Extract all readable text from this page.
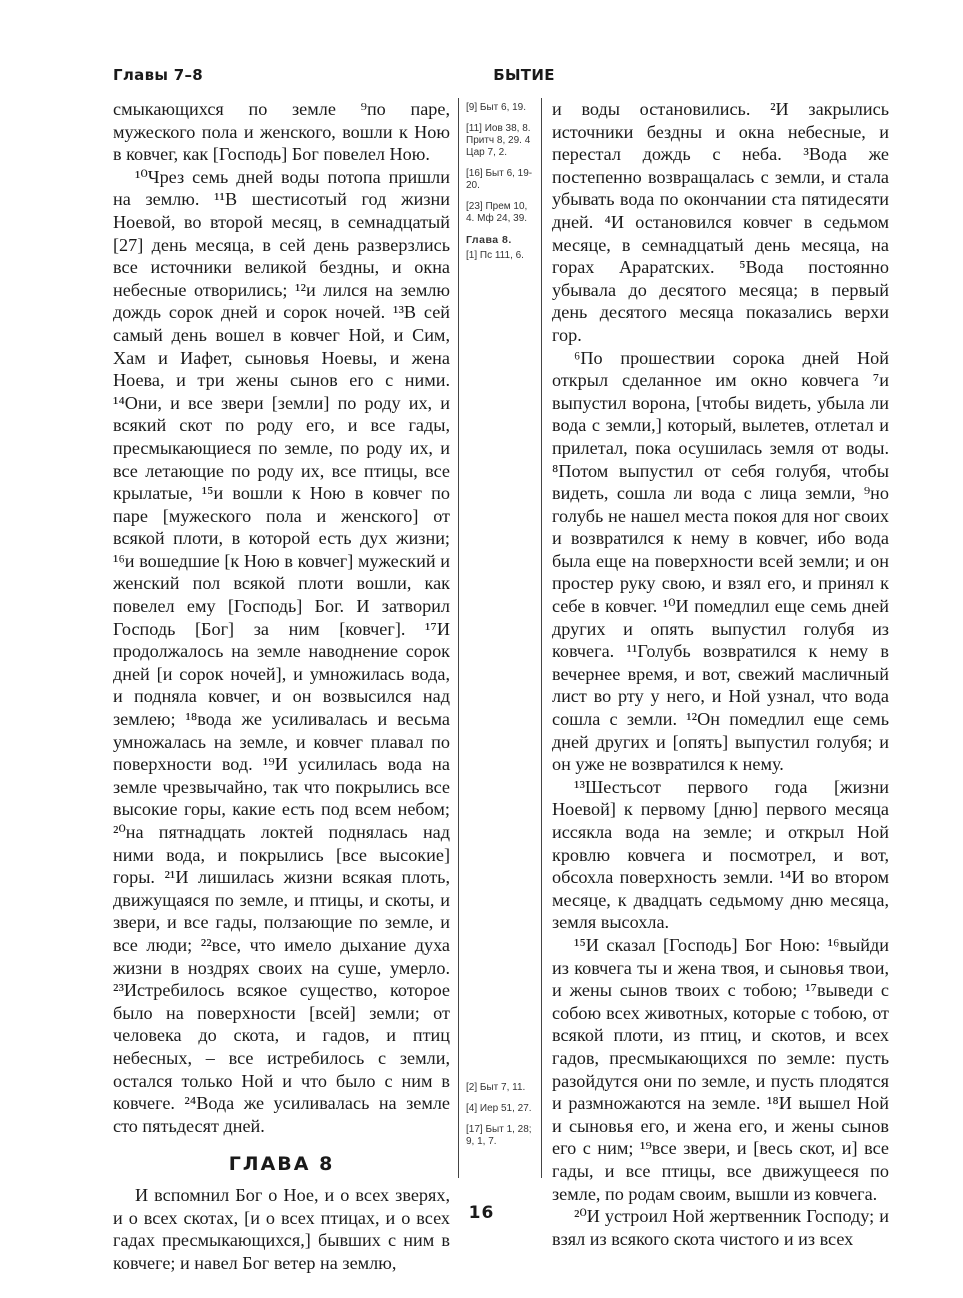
Главы 7–8	БЫТИЕ

смыкающихся по земле ⁹по паре, мужеского пола и женского, вошли к Ною в ковчег, как [Господь] Бог повелел Ною.

¹⁰Чрез семь дней воды потопа пришли на землю. ¹¹В шестисотый год жизни Ноевой, во второй месяц, в семнадцатый [27] день месяца, в сей день разверзлись все источники великой бездны, и окна небесные отворились; ¹²и лился на землю дождь сорок дней и сорок ночей. ¹³В сей самый день вошел в ковчег Ной, и Сим, Хам и Иафет, сыновья Ноевы, и жена Ноева, и три жены сынов его с ними. ¹⁴Они, и все звери [земли] по роду их, и всякий скот по роду его, и все гады, пресмыкающиеся по земле, по роду их, и все летающие по роду их, все птицы, все крылатые, ¹⁵и вошли к Ною в ковчег по паре [мужеского пола и женского] от всякой плоти, в которой есть дух жизни; ¹⁶и вошедшие [к Ною в ковчег] мужеский и женский пол всякой плоти вошли, как повелел ему [Господь] Бог. И затворил Господь [Бог] за ним [ковчег]. ¹⁷И продолжалось на земле наводнение сорок дней [и сорок ночей], и умножилась вода, и подняла ковчег, и он возвысился над землею; ¹⁸вода же усиливалась и весьма умножалась на земле, и ковчег плавал по поверхности вод. ¹⁹И усилилась вода на земле чрезвычайно, так что покрылись все высокие горы, какие есть под всем небом; ²⁰на пятнадцать локтей поднялась над ними вода, и покрылись [все высокие] горы. ²¹И лишилась жизни всякая плоть, движущаяся по земле, и птицы, и скоты, и звери, и все гады, ползающие по земле, и все люди; ²²все, что имело дыхание духа жизни в ноздрях своих на суше, умерло. ²³Истребилось всякое существо, которое было на поверхности [всей] земли; от человека до скота, и гадов, и птиц небесных, – все истребилось с земли, остался только Ной и что было с ним в ковчеге. ²⁴Вода же усиливалась на земле сто пятьдесят дней.

ГЛАВА 8

И вспомнил Бог о Ное, и о всех зверях, и о всех скотах, [и о всех птицах, и о всех гадах пресмыкающихся,] бывших с ним в ковчеге; и навел Бог ветер на землю,

[9] Быт 6, 19.
[11] Иов 38, 8. Притч 8, 29. 4 Цар 7, 2.
[16] Быт 6, 19-20.
[23] Прем 10, 4. Мф 24, 39.
Глава 8.
[1] Пс 111, 6.
[2] Быт 7, 11.
[4] Иер 51, 27.
[17] Быт 1, 28; 9, 1, 7.

и воды остановились. ²И закрылись источники бездны и окна небесные, и перестал дождь с неба. ³Вода же постепенно возвращалась с земли, и стала убывать вода по окончании ста пятидесяти дней. ⁴И остановился ковчег в седьмом месяце, в семнадцатый день месяца, на горах Араратских. ⁵Вода постоянно убывала до десятого месяца; в первый день десятого месяца показались верхи гор.

⁶По прошествии сорока дней Ной открыл сделанное им окно ковчега ⁷и выпустил ворона, [чтобы видеть, убыла ли вода с земли,] который, вылетев, отлетал и прилетал, пока осушилась земля от воды. ⁸Потом выпустил от себя голубя, чтобы видеть, сошла ли вода с лица земли, ⁹но голубь не нашел места покоя для ног своих и возвратился к нему в ковчег, ибо вода была еще на поверхности всей земли; и он простер руку свою, и взял его, и принял к себе в ковчег. ¹⁰И помедлил еще семь дней других и опять выпустил голубя из ковчега. ¹¹Голубь возвратился к нему в вечернее время, и вот, свежий масличный лист во рту у него, и Ной узнал, что вода сошла с земли. ¹²Он помедлил еще семь дней других и [опять] выпустил голубя; и он уже не возвратился к нему.

¹³Шестьсот первого года [жизни Ноевой] к первому [дню] первого месяца иссякла вода на земле; и открыл Ной кровлю ковчега и посмотрел, и вот, обсохла поверхность земли. ¹⁴И во втором месяце, к двадцать седьмому дню месяца, земля высохла.

¹⁵И сказал [Господь] Бог Ною: ¹⁶выйди из ковчега ты и жена твоя, и сыновья твои, и жены сынов твоих с тобою; ¹⁷выведи с собою всех животных, которые с тобою, от всякой плоти, из птиц, и скотов, и всех гадов, пресмыкающихся по земле: пусть разойдутся они по земле, и пусть плодятся и размножаются на земле. ¹⁸И вышел Ной и сыновья его, и жена его, и жены сынов его с ним; ¹⁹все звери, и [весь скот, и] все гады, и все птицы, все движущееся по земле, по родам своим, вышли из ковчега.

²⁰И устроил Ной жертвенник Господу; и взял из всякого скота чистого и из всех

16
